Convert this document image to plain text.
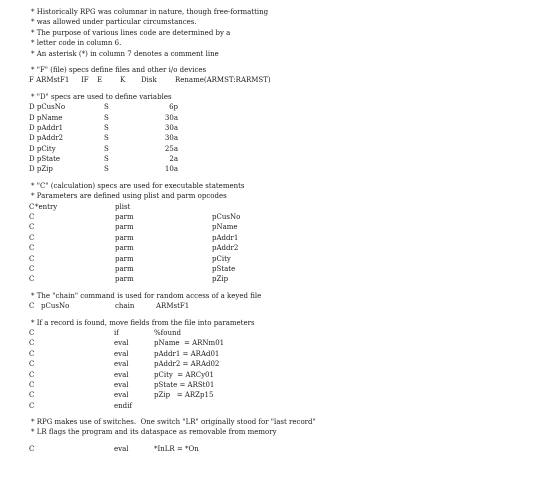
* Historically RPG was columnar in nature, though free-formatting
* was allowed under particular circumstances.
* The purpose of various lines code are determined by a
* letter code in column 6.
* An asterisk (*) in column 7 denotes a comment line
* "F" (file) specs define files and other i/o devices
F ARMstF1 IF E	K Disk	Rename(ARMST:RARMST)
* "D" specs are used to define variables
D pCusNo	S	6p
D pName	S	30a
D pAddr1	S	30a
D pAddr2	S	30a
D pCity	S	25a
D pState	S	2a
D pZip	S	10a
* "C" (calculation) specs are used for executable statements
* Parameters are defined using plist and parm opcodes
C *entry	plist
C	parm	pCusNo
C	parm	pName
C	parm	pAddr1
C	parm	pAddr2
C	parm	pCity
C	parm	pState
C	parm	pZip
* The "chain" command is used for random access of a keyed file
C pCusNo	chain	ARMstF1
* If a record is found, move fields from the file into parameters
C	if	%found
C	eval	pName  = ARNm01
C	eval	pAddr1 = ARAd01
C	eval	pAddr2 = ARAd02
C	eval	pCity  = ARCy01
C	eval	pState = ARSt01
C	eval	pZip   = ARZp15
C	endif
* RPG makes use of switches.  One switch "LR" originally stood for "last record"
* LR flags the program and its dataspace as removable from memory
C	eval	*InLR = *On
